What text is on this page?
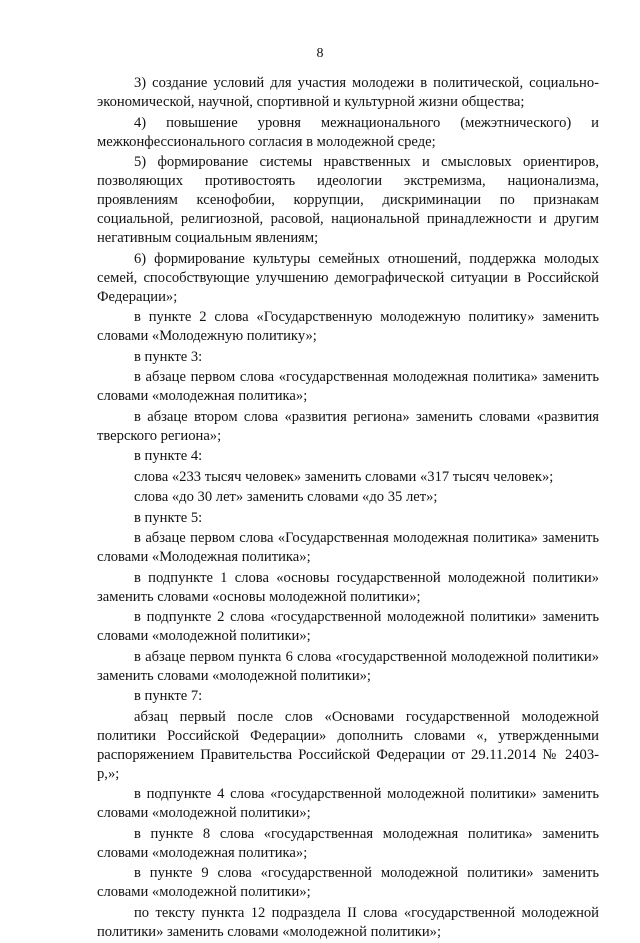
8

3) создание условий для участия молодежи в политической, социально-экономической, научной, спортивной и культурной жизни общества;

4) повышение уровня межнационального (межэтнического) и межконфессионального согласия в молодежной среде;

5) формирование системы нравственных и смысловых ориентиров, позволяющих противостоять идеологии экстремизма, национализма, проявлениям ксенофобии, коррупции, дискриминации по признакам социальной, религиозной, расовой, национальной принадлежности и другим негативным социальным явлениям;

6) формирование культуры семейных отношений, поддержка молодых семей, способствующие улучшению демографической ситуации в Российской Федерации»;

в пункте 2 слова «Государственную молодежную политику» заменить словами «Молодежную политику»;

в пункте 3:

в абзаце первом слова «государственная молодежная политика» заменить словами «молодежная политика»;

в абзаце втором слова «развития региона» заменить словами «развития тверского региона»;

в пункте 4:

слова «233 тысяч человек» заменить словами «317 тысяч человек»;

слова «до 30 лет» заменить словами «до 35 лет»;

в пункте 5:

в абзаце первом слова «Государственная молодежная политика» заменить словами «Молодежная политика»;

в подпункте 1 слова «основы государственной молодежной политики» заменить словами «основы молодежной политики»;

в подпункте 2 слова «государственной молодежной политики» заменить словами «молодежной политики»;

в абзаце первом пункта 6 слова «государственной молодежной политики» заменить словами «молодежной политики»;

в пункте 7:

абзац первый после слов «Основами государственной молодежной политики Российской Федерации» дополнить словами «, утвержденными распоряжением Правительства Российской Федерации от 29.11.2014 № 2403-р,»;

в подпункте 4 слова «государственной молодежной политики» заменить словами «молодежной политики»;

в пункте 8 слова «государственная молодежная политика» заменить словами «молодежная политика»;

в пункте 9 слова «государственной молодежной политики» заменить словами «молодежной политики»;

по тексту пункта 12 подраздела II слова «государственной молодежной политики» заменить словами «молодежной политики»;
